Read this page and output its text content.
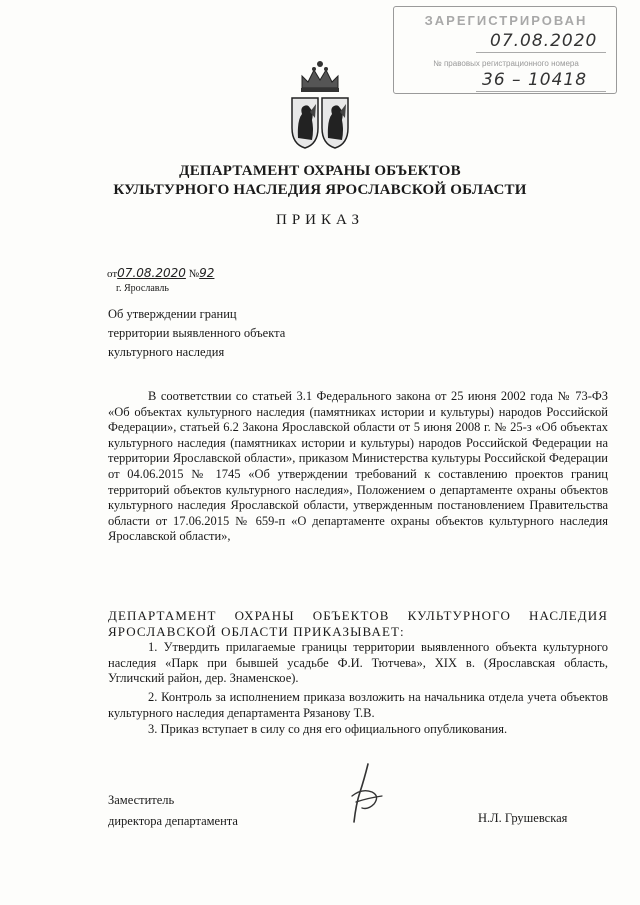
ЗАРЕГИСТРИРОВАН
07.08.2020
№ правовых регистрационного номера
36 – 10418
ДЕПАРТАМЕНТ ОХРАНЫ ОБЪЕКТОВ
КУЛЬТУРНОГО НАСЛЕДИЯ ЯРОСЛАВСКОЙ ОБЛАСТИ
ПРИКАЗ
от07.08.2020 №92
г. Ярославль
Об утверждении границ
территории выявленного объекта
культурного наследия
В соответствии со статьей 3.1 Федерального закона от 25 июня 2002 года № 73-ФЗ «Об объектах культурного наследия (памятниках истории и культуры) народов Российской Федерации», статьей 6.2 Закона Ярославской области от 5 июня 2008 г. № 25-з «Об объектах культурного наследия (памятниках истории и культуры) народов Российской Федерации на территории Ярославской области», приказом Министерства культуры Российской Федерации от 04.06.2015 № 1745 «Об утверждении требований к составлению проектов границ территорий объектов культурного наследия», Положением о департаменте охраны объектов культурного наследия Ярославской области, утвержденным постановлением Правительства области от 17.06.2015 № 659-п «О департаменте охраны объектов культурного наследия Ярославской области»,
ДЕПАРТАМЕНТ ОХРАНЫ ОБЪЕКТОВ КУЛЬТУРНОГО НАСЛЕДИЯ ЯРОСЛАВСКОЙ ОБЛАСТИ ПРИКАЗЫВАЕТ:
1. Утвердить прилагаемые границы территории выявленного объекта культурного наследия «Парк при бывшей усадьбе Ф.И. Тютчева», XIX в. (Ярославская область, Угличский район, дер. Знаменское).
2. Контроль за исполнением приказа возложить на начальника отдела учета объектов культурного наследия департамента Рязанову Т.В.
3. Приказ вступает в силу со дня его официального опубликования.
Заместитель
директора департамента	Н.Л. Грушевская
